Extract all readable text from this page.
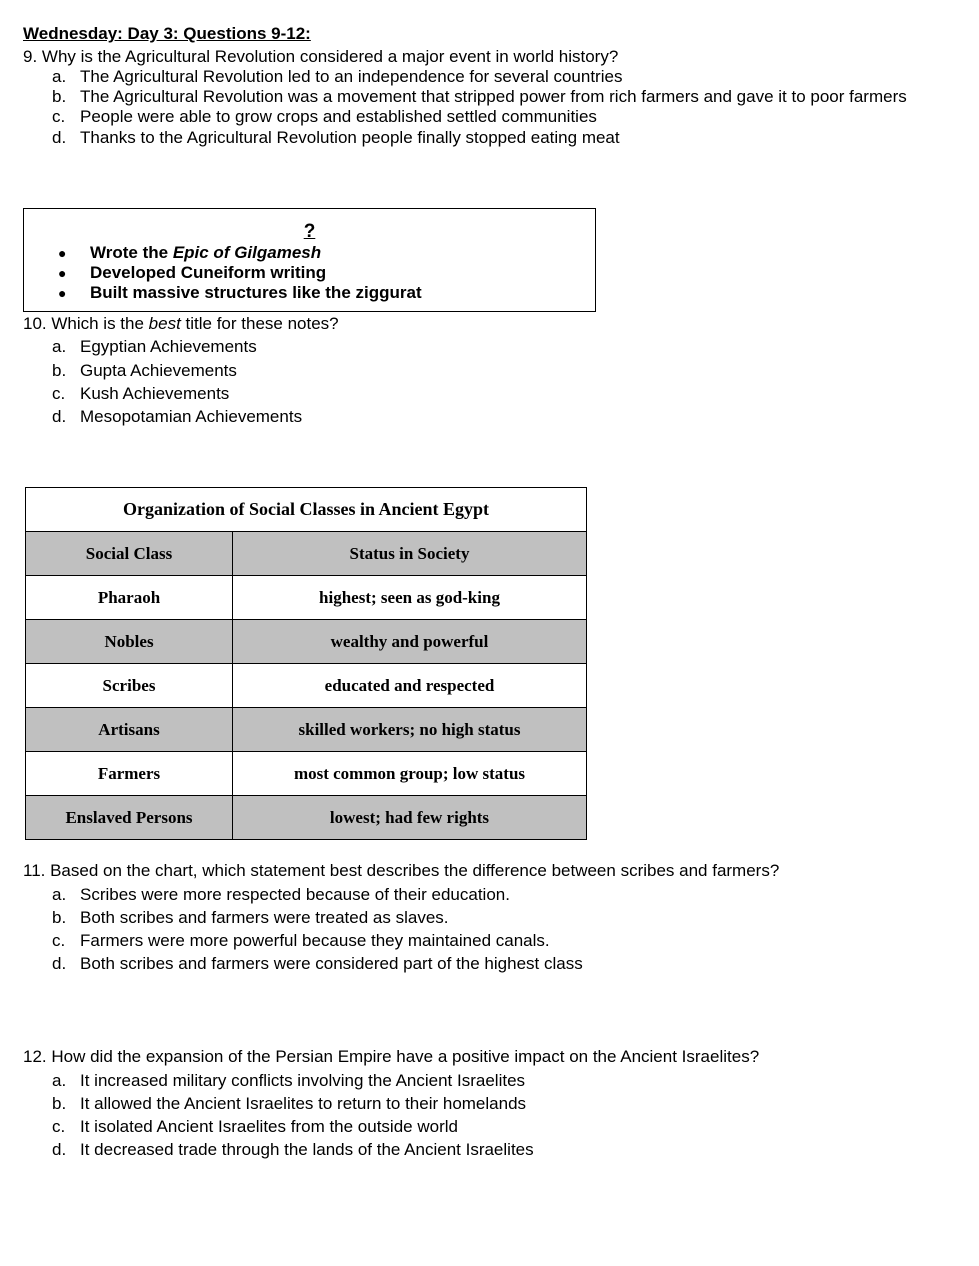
Wednesday: Day 3: Questions 9-12:
9. Why is the Agricultural Revolution considered a major event in world history?
a. The Agricultural Revolution led to an independence for several countries
b. The Agricultural Revolution was a movement that stripped power from rich farmers and gave it to poor farmers
c. People were able to grow crops and established settled communities
d. Thanks to the Agricultural Revolution people finally stopped eating meat
?
● Wrote the Epic of Gilgamesh
● Developed Cuneiform writing
● Built massive structures like the ziggurat
10. Which is the best title for these notes?
a. Egyptian Achievements
b. Gupta Achievements
c. Kush Achievements
d. Mesopotamian Achievements
Organization of Social Classes in Ancient Egypt	
Social Class	Status in Society
Pharaoh	highest; seen as god-king
Nobles	wealthy and powerful
Scribes	educated and respected
Artisans	skilled workers; no high status
Farmers	most common group; low status
Enslaved Persons	lowest; had few rights
11. Based on the chart, which statement best describes the difference between scribes and farmers?
a. Scribes were more respected because of their education.
b. Both scribes and farmers were treated as slaves.
c. Farmers were more powerful because they maintained canals.
d. Both scribes and farmers were considered part of the highest class
12. How did the expansion of the Persian Empire have a positive impact on the Ancient Israelites?
a. It increased military conflicts involving the Ancient Israelites
b. It allowed the Ancient Israelites to return to their homelands
c. It isolated Ancient Israelites from the outside world
d. It decreased trade through the lands of the Ancient Israelites
